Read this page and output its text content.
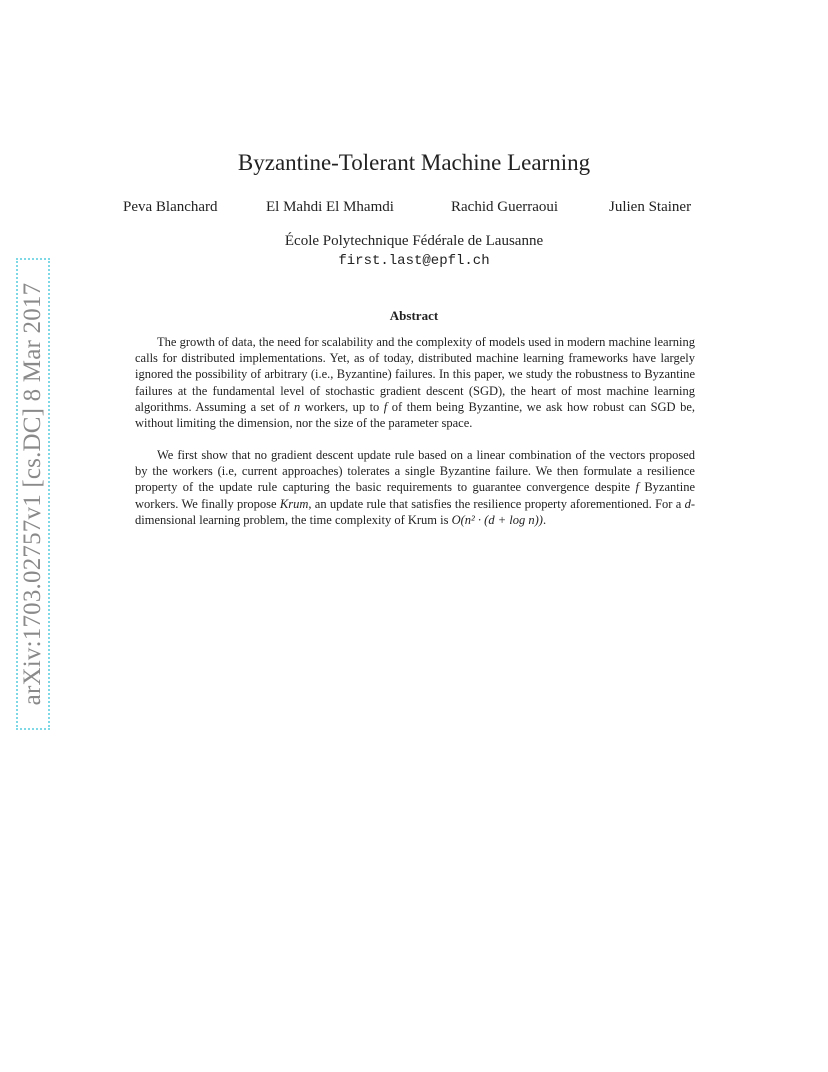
arXiv:1703.02757v1 [cs.DC] 8 Mar 2017
Byzantine-Tolerant Machine Learning
Peva Blanchard	El Mahdi El Mhamdi	Rachid Guerraoui	Julien Stainer
École Polytechnique Fédérale de Lausanne
first.last@epfl.ch
Abstract

The growth of data, the need for scalability and the complexity of models used in modern machine learning calls for distributed implementations. Yet, as of today, distributed machine learning frameworks have largely ignored the possibility of arbitrary (i.e., Byzantine) failures. In this paper, we study the robustness to Byzantine failures at the fundamental level of stochastic gradient descent (SGD), the heart of most machine learning algorithms. Assuming a set of n workers, up to f of them being Byzantine, we ask how robust can SGD be, without limiting the dimension, nor the size of the parameter space.

We first show that no gradient descent update rule based on a linear combination of the vectors proposed by the workers (i.e, current approaches) tolerates a single Byzantine failure. We then formulate a resilience property of the update rule capturing the basic requirements to guarantee convergence despite f Byzantine workers. We finally propose Krum, an update rule that satisfies the resilience property aforementioned. For a d-dimensional learning problem, the time complexity of Krum is O(n² · (d + log n)).
